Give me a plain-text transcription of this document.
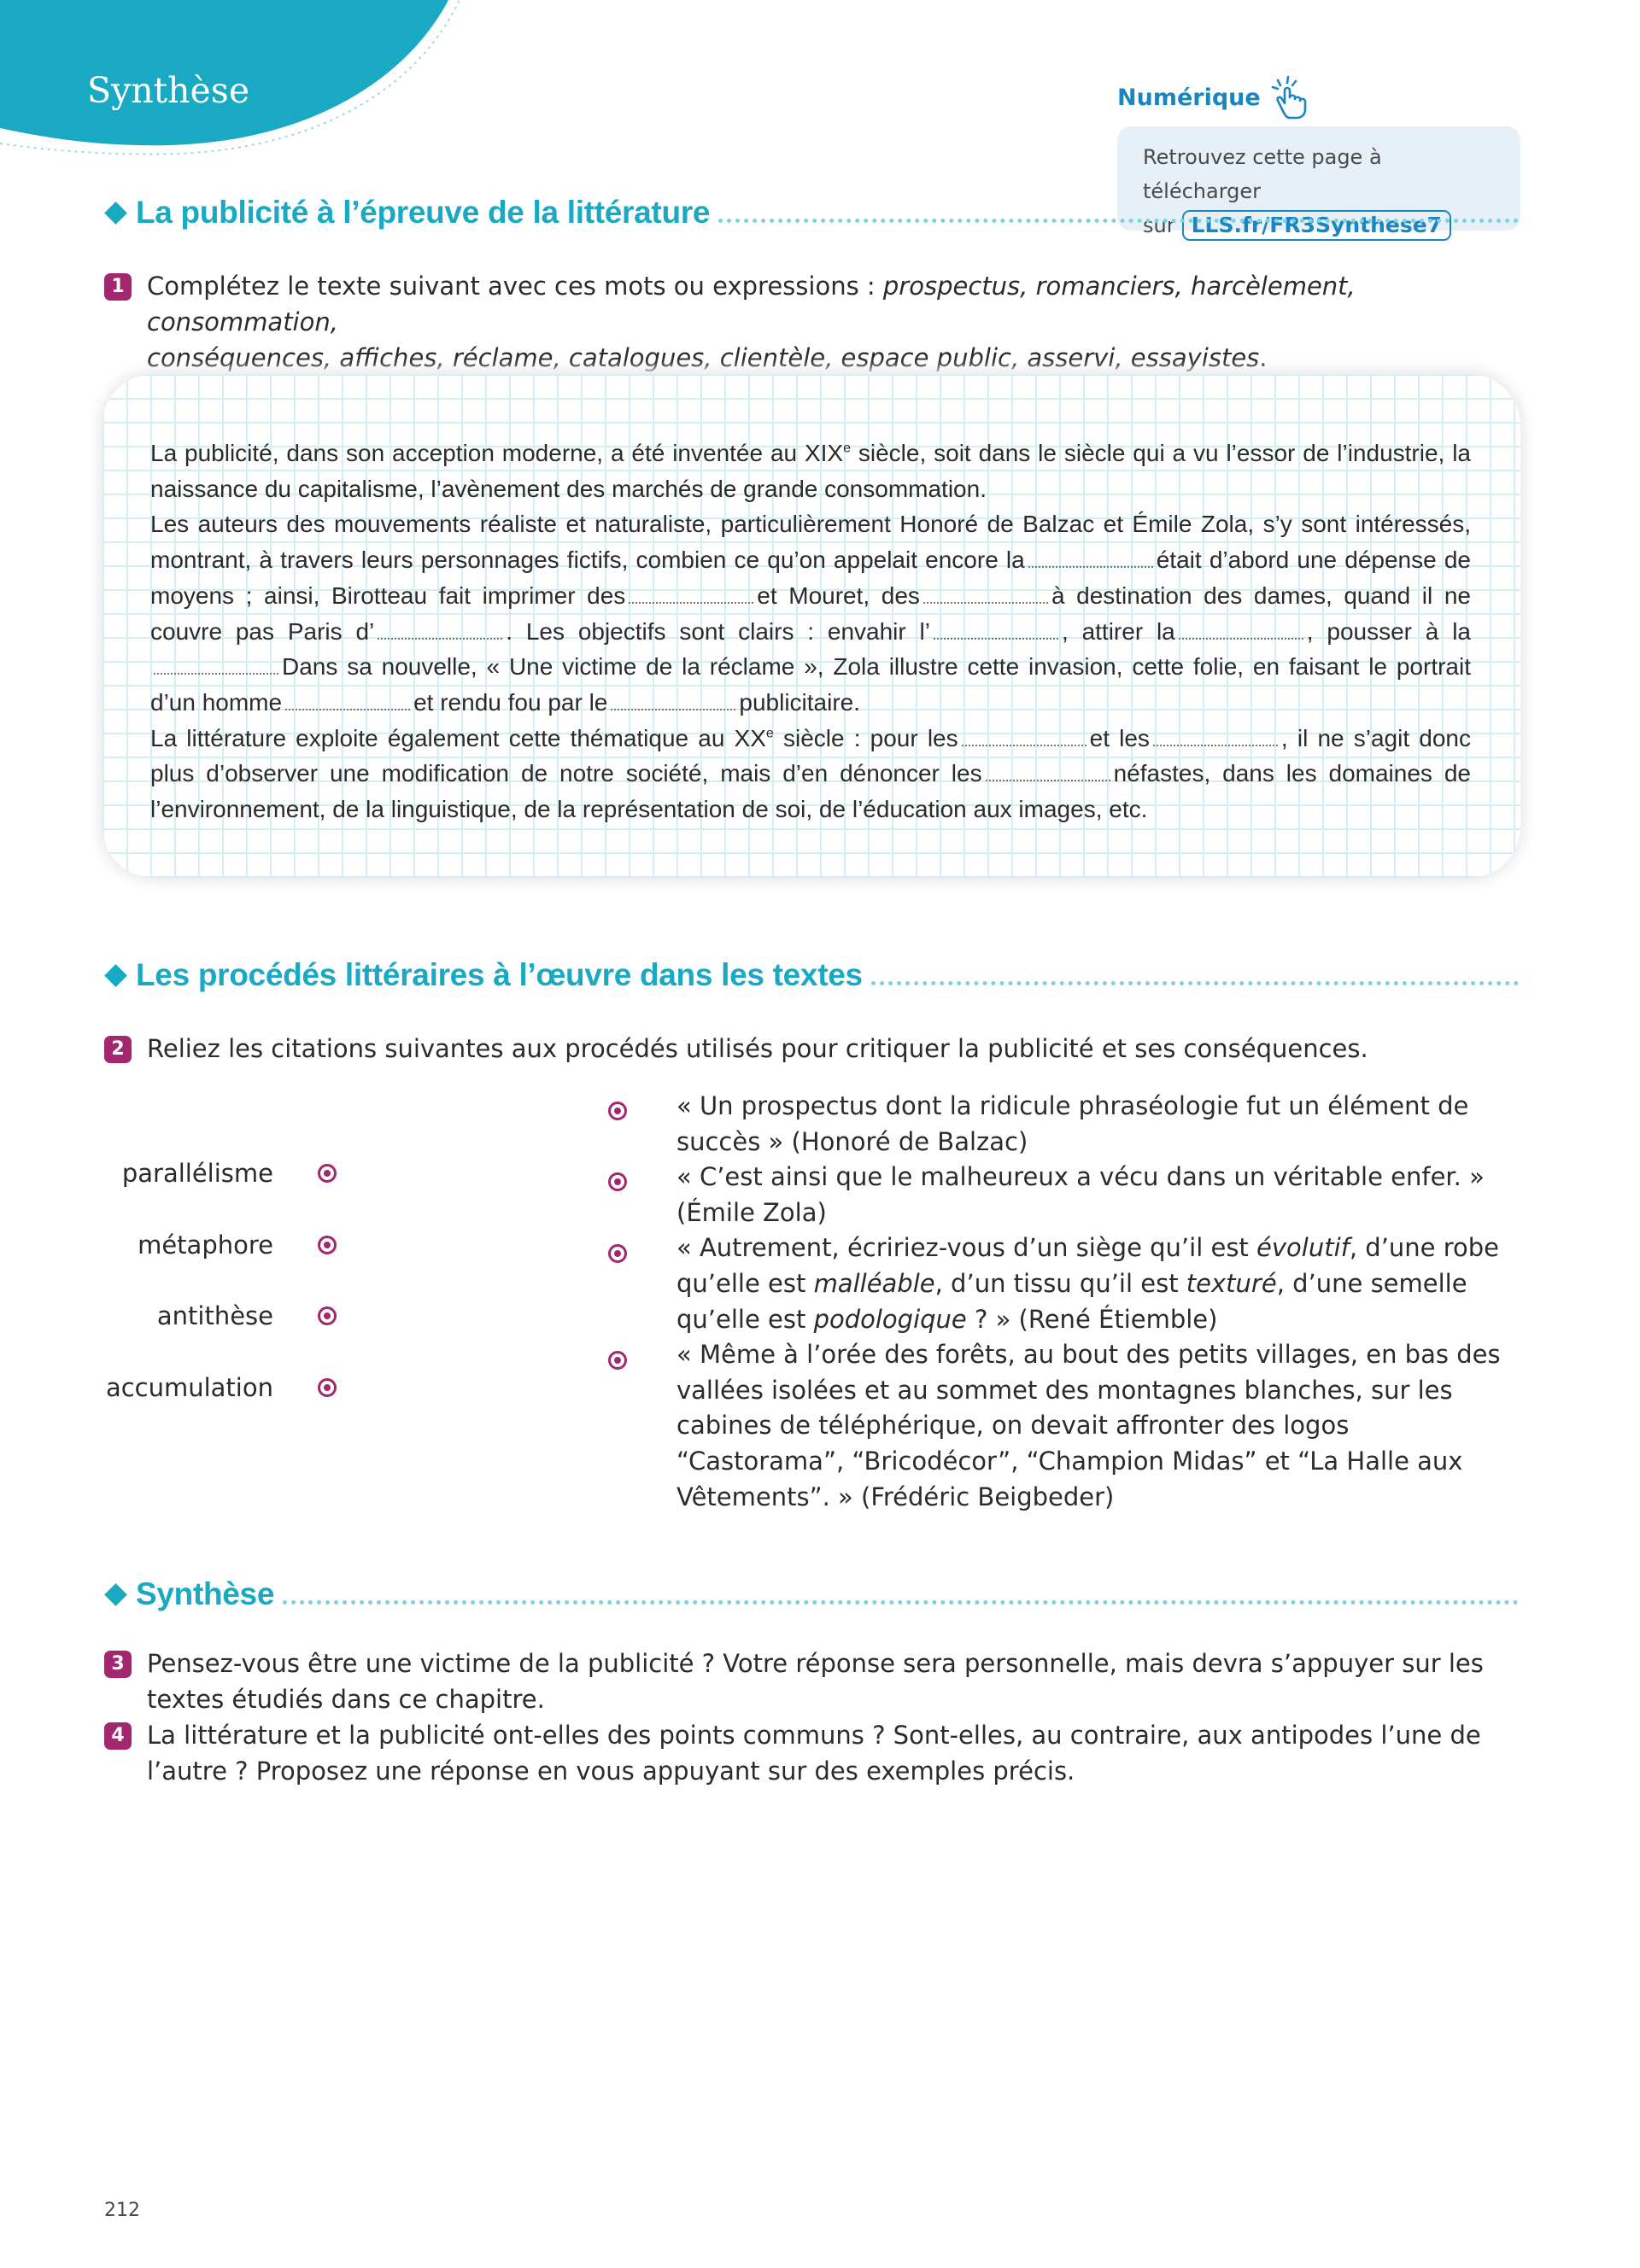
Synthèse	Numérique
Retrouvez cette page à télécharger
sur LLS.fr/FR3Synthese7
La publicité à l’épreuve de la littérature
1 Complétez le texte suivant avec ces mots ou expressions : prospectus, romanciers, harcèlement, consommation,
conséquences, affiches, réclame, catalogues, clientèle, espace public, asservi, essayistes.

La publicité, dans son acception moderne, a été inventée au XIXe siècle, soit dans le siècle qui a vu l’essor de l’industrie, la naissance du capitalisme, l’avènement des marchés de grande consommation.

Les auteurs des mouvements réaliste et naturaliste, particulièrement Honoré de Balzac et Émile Zola, s’y sont intéressés, montrant, à travers leurs personnages fictifs, combien ce qu’on appelait encore la	était d’abord une dépense de moyens ; ainsi, Birotteau fait imprimer des	et Mouret, des	à destination des dames, quand il ne couvre pas Paris d’	. Les objectifs sont clairs : envahir l’	, attirer la	, pousser à laDans sa nouvelle, « Une victime de la réclame », Zola illustre cette invasion, cette folie, en faisant le portrait d’un homme	et rendu fou par le	publicitaire.

La littérature exploite également cette thématique au XXe siècle : pour les	et les	, il ne s’agit donc plus d’observer une modification de notre société, mais d’en dénoncer les	néfastes, dans les domaines de l’environnement, de la linguistique, de la représentation de soi, de l’éducation aux images, etc.

Les procédés littéraires à l’œuvre dans les textes
2 Reliez les citations suivantes aux procédés utilisés pour critiquer la publicité et ses conséquences.
parallélisme
métaphore
antithèse
accumulation

« Un prospectus dont la ridicule phraséologie fut un élément de succès » (Honoré de Balzac)

« C’est ainsi que le malheureux a vécu dans un véritable enfer. » (Émile Zola)

« Autrement, écririez-vous d’un siège qu’il est évolutif, d’une robe qu’elle est malléable, d’un tissu qu’il est texturé, d’une semelle qu’elle est podologique ? » (René Étiemble)

« Même à l’orée des forêts, au bout des petits villages, en bas des vallées isolées et au sommet des montagnes blanches, sur les cabines de téléphérique, on devait affronter des logos “Castorama”, “Bricodécor”, “Champion Midas” et “La Halle aux Vêtements”. » (Frédéric Beigbeder)

Synthèse
3 Pensez-vous être une victime de la publicité ? Votre réponse sera personnelle, mais devra s’appuyer sur les textes étudiés dans ce chapitre.
4 La littérature et la publicité ont-elles des points communs ? Sont-elles, au contraire, aux antipodes l’une de l’autre ? Proposez une réponse en vous appuyant sur des exemples précis.
212
